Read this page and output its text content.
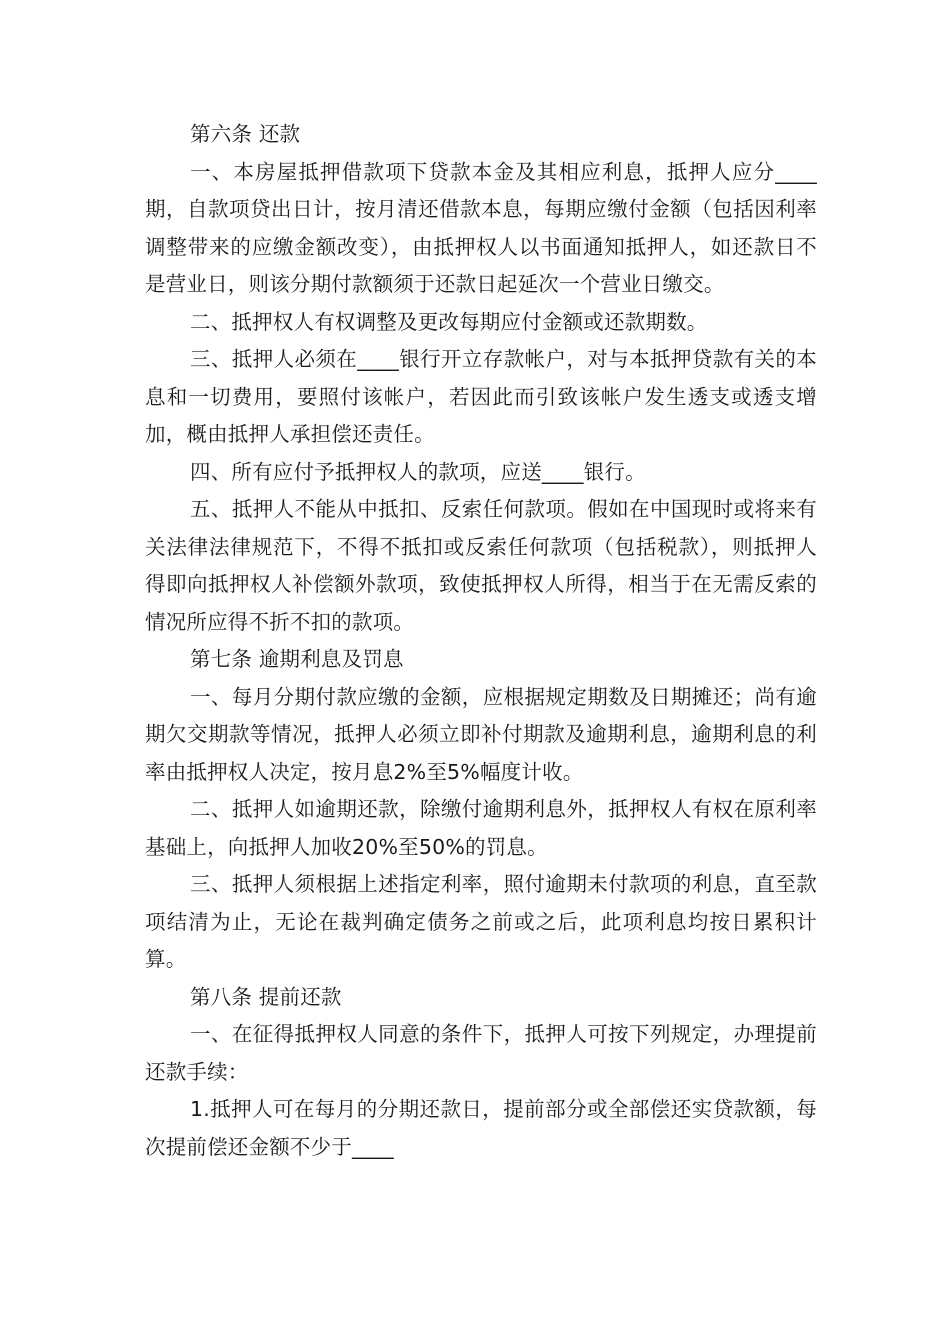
第六条 还款

一、本房屋抵押借款项下贷款本金及其相应利息，抵押人应分____期，自款项贷出日计，按月清还借款本息，每期应缴付金额（包括因利率调整带来的应缴金额改变），由抵押权人以书面通知抵押人，如还款日不是营业日，则该分期付款额须于还款日起延次一个营业日缴交。

二、抵押权人有权调整及更改每期应付金额或还款期数。

三、抵押人必须在____银行开立存款帐户，对与本抵押贷款有关的本息和一切费用，要照付该帐户，若因此而引致该帐户发生透支或透支增加，概由抵押人承担偿还责任。

四、所有应付予抵押权人的款项，应送____银行。

五、抵押人不能从中抵扣、反索任何款项。假如在中国现时或将来有关法律法律规范下，不得不抵扣或反索任何款项（包括税款），则抵押人得即向抵押权人补偿额外款项，致使抵押权人所得，相当于在无需反索的情况所应得不折不扣的款项。

第七条 逾期利息及罚息

一、每月分期付款应缴的金额，应根据规定期数及日期摊还；尚有逾期欠交期款等情况，抵押人必须立即补付期款及逾期利息，逾期利息的利率由抵押权人决定，按月息2%至5%幅度计收。

二、抵押人如逾期还款，除缴付逾期利息外，抵押权人有权在原利率基础上，向抵押人加收20%至50%的罚息。

三、抵押人须根据上述指定利率，照付逾期未付款项的利息，直至款项结清为止，无论在裁判确定债务之前或之后，此项利息均按日累积计算。

第八条 提前还款

一、在征得抵押权人同意的条件下，抵押人可按下列规定，办理提前还款手续：

1.抵押人可在每月的分期还款日，提前部分或全部偿还实贷款额，每次提前偿还金额不少于____
